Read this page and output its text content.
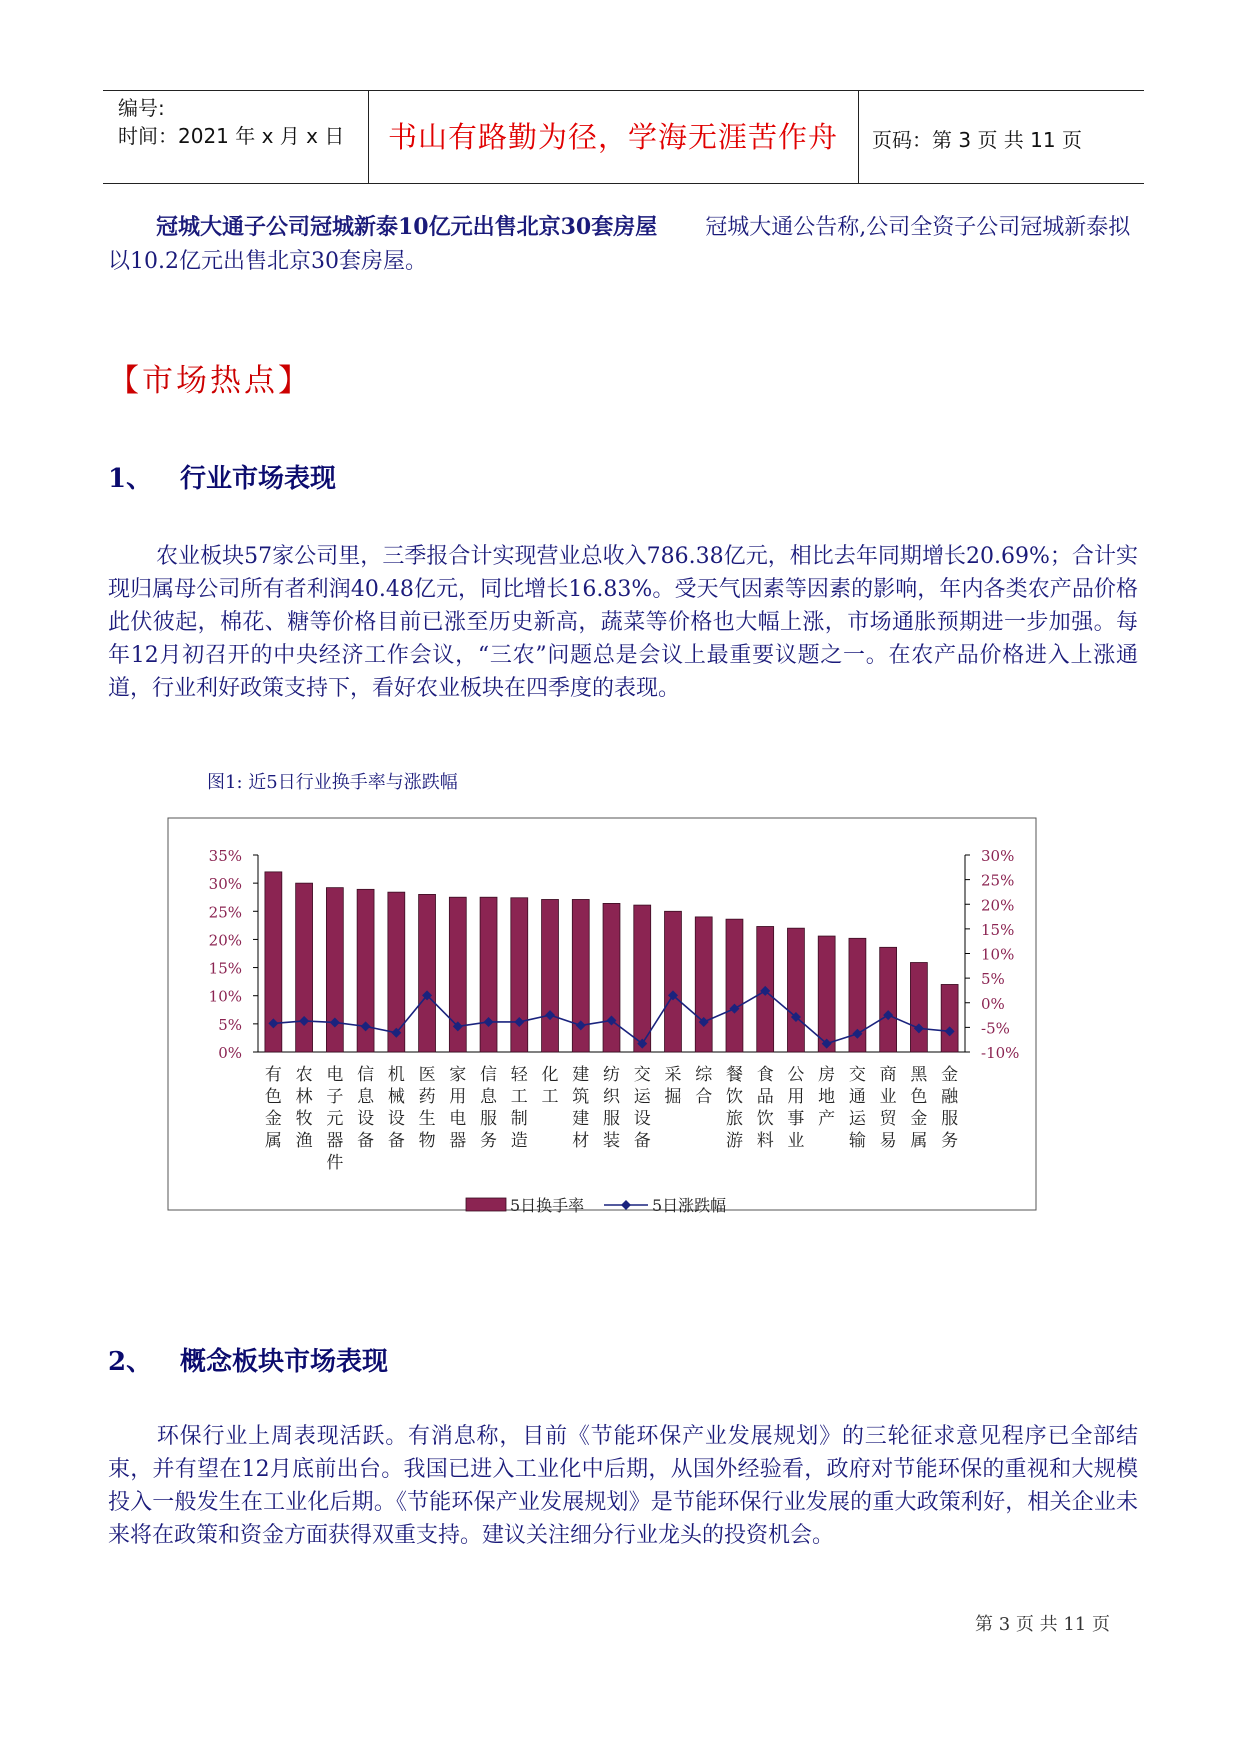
编号:
时间：2021 年 x 月 x 日	书山有路勤为径，学海无涯苦作舟	页码：第 3 页 共 11 页
冠城大通子公司冠城新泰10亿元出售北京30套房屋 冠城大通公告称,公司全资子公司冠城新泰拟以10.2亿元出售北京30套房屋。
【市场热点】
1、 行业市场表现
农业板块57家公司里，三季报合计实现营业总收入786.38亿元，相比去年同期增长20.69%；合计实现归属母公司所有者利润40.48亿元，同比增长16.83%。受天气因素等因素的影响，年内各类农产品价格此伏彼起，棉花、糖等价格目前已涨至历史新高，蔬菜等价格也大幅上涨，市场通胀预期进一步加强。每年12月初召开的中央经济工作会议，“三农”问题总是会议上最重要议题之一。在农产品价格进入上涨通道，行业利好政策支持下，看好农业板块在四季度的表现。
图1: 近5日行业换手率与涨跌幅
0%
5%
10%
15%
20%
25%
30%
35%
-10%
-5%
0%
5%
10%
15%
20%
25%
30%
有色金属
农林牧渔
电子元器件
信息设备
机械设备
医药生物
家用电器
信息服务
轻工制造
化工
建筑建材
纺织服装
交运设备
采掘
综合
餐饮旅游
食品饮料
公用事业
房地产
交通运输
商业贸易
黑色金属
金融服务
5日换手率	5日涨跌幅
2、 概念板块市场表现
环保行业上周表现活跃。有消息称，目前《节能环保产业发展规划》的三轮征求意见程序已全部结束，并有望在12月底前出台。我国已进入工业化中后期，从国外经验看，政府对节能环保的重视和大规模投入一般发生在工业化后期。《节能环保产业发展规划》是节能环保行业发展的重大政策利好，相关企业未来将在政策和资金方面获得双重支持。建议关注细分行业龙头的投资机会。
第 3 页 共 11 页
